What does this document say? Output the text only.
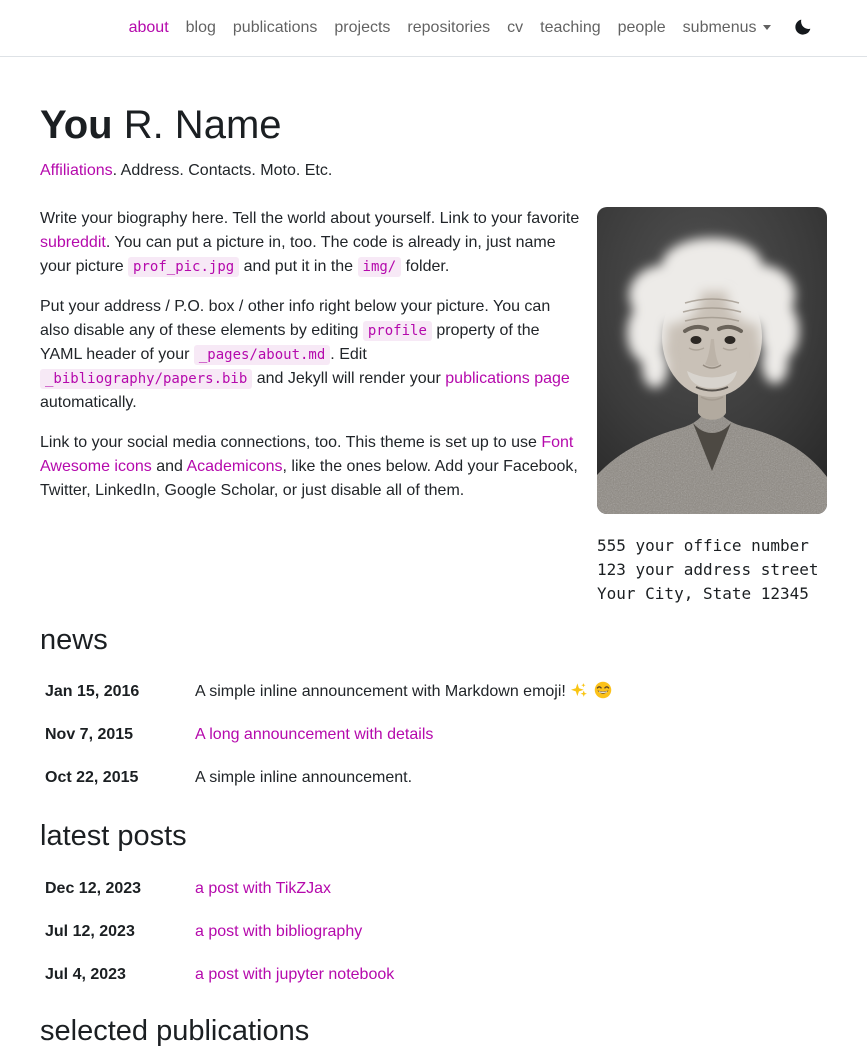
about	blog	publications	projects	repositories	cv	teaching	people	submenus
You R. Name

Affiliations. Address. Contacts. Moto. Etc.

555 your office number
123 your address street
Your City, State 12345

Write your biography here. Tell the world about yourself. Link to your favorite subreddit. You can put a picture in, too. The code is already in, just name your picture prof_pic.jpg and put it in the img/ folder.

Put your address / P.O. box / other info right below your picture. You can also disable any of these elements by editing profile property of the YAML header of your _pages/about.md . Edit _bibliography/papers.bib and Jekyll will render your publications page automatically.

Link to your social media connections, too. This theme is set up to use Font Awesome icons and Academicons, like the ones below. Add your Facebook, Twitter, LinkedIn, Google Scholar, or just disable all of them.

news
Jan 15, 2016	A simple inline announcement with Markdown emoji!
Nov 7, 2015	A long announcement with details
Oct 22, 2015	A simple inline announcement.
latest posts
Dec 12, 2023	a post with TikZJax
Jul 12, 2023	a post with bibliography
Jul 4, 2023	a post with jupyter notebook
selected publications
